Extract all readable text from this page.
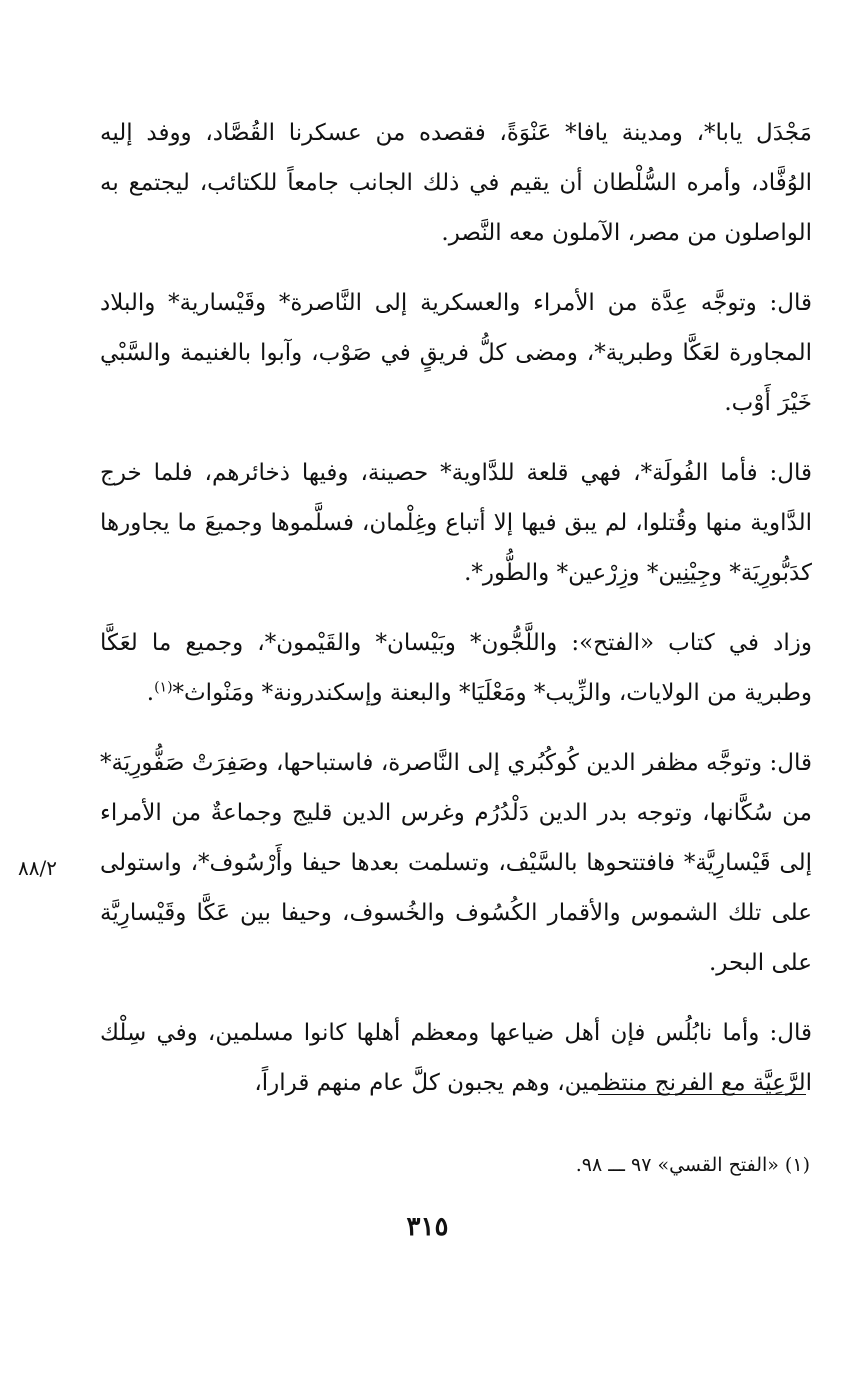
مَجْدَل يابا*، ومدينة يافا* عَنْوَةً، فقصده من عسكرنا القُصَّاد، ووفد إليه الوُفَّاد، وأمره السُّلْطان أن يقيم في ذلك الجانب جامعاً للكتائب، ليجتمع به الواصلون من مصر، الآملون معه النَّصر.

قال: وتوجَّه عِدَّة من الأمراء والعسكرية إلى النَّاصرة* وقَيْسارية* والبلاد المجاورة لعَكَّا وطبرية*، ومضى كلُّ فريقٍ في صَوْب، وآبوا بالغنيمة والسَّبْي خَيْرَ أَوْب.

قال: فأما الفُولَة*، فهي قلعة للدَّاوية* حصينة، وفيها ذخائرهم، فلما خرج الدَّاوية منها وقُتلوا، لم يبق فيها إلا أتباع وغِلْمان، فسلَّموها وجميعَ ما يجاورها كدَبُّورِيَة* وجِيْنِين* وزِرْعين* والطُّور*.

وزاد في كتاب «الفتح»: واللَّجُّون* وبَيْسان* والقَيْمون*، وجميع ما لعَكَّا وطبرية من الولايات، والزِّيب* ومَعْلَيَا* والبعنة وإسكندرونة* ومَنْواث*$^{(١)}$.

قال: وتوجَّه مظفر الدين كُوكُبُري إلى النَّاصرة، فاستباحها، وصَفِرَتْ صَفُّورِيَة* من سُكَّانها، وتوجه بدر الدين دَلْدُرُم وغرس الدين قليج وجماعةٌ من الأمراء إلى قَيْسارِيَّة* فافتتحوها بالسَّيْف، وتسلمت بعدها حيفا وأَرْسُوف*، واستولى على تلك الشموس والأقمار الكُسُوف والخُسوف، وحيفا بين عَكَّا وقَيْسارِيَّة على البحر.

قال: وأما نابُلُس فإن أهل ضياعها ومعظم أهلها كانوا مسلمين، وفي سِلْك الرَّعِيَّة مع الفرنج منتظمين، وهم يجبون كلَّ عام منهم قراراً،

٨٨/٢
(١) «الفتح القسي» ٩٧ ـــ ٩٨.
٣١٥
